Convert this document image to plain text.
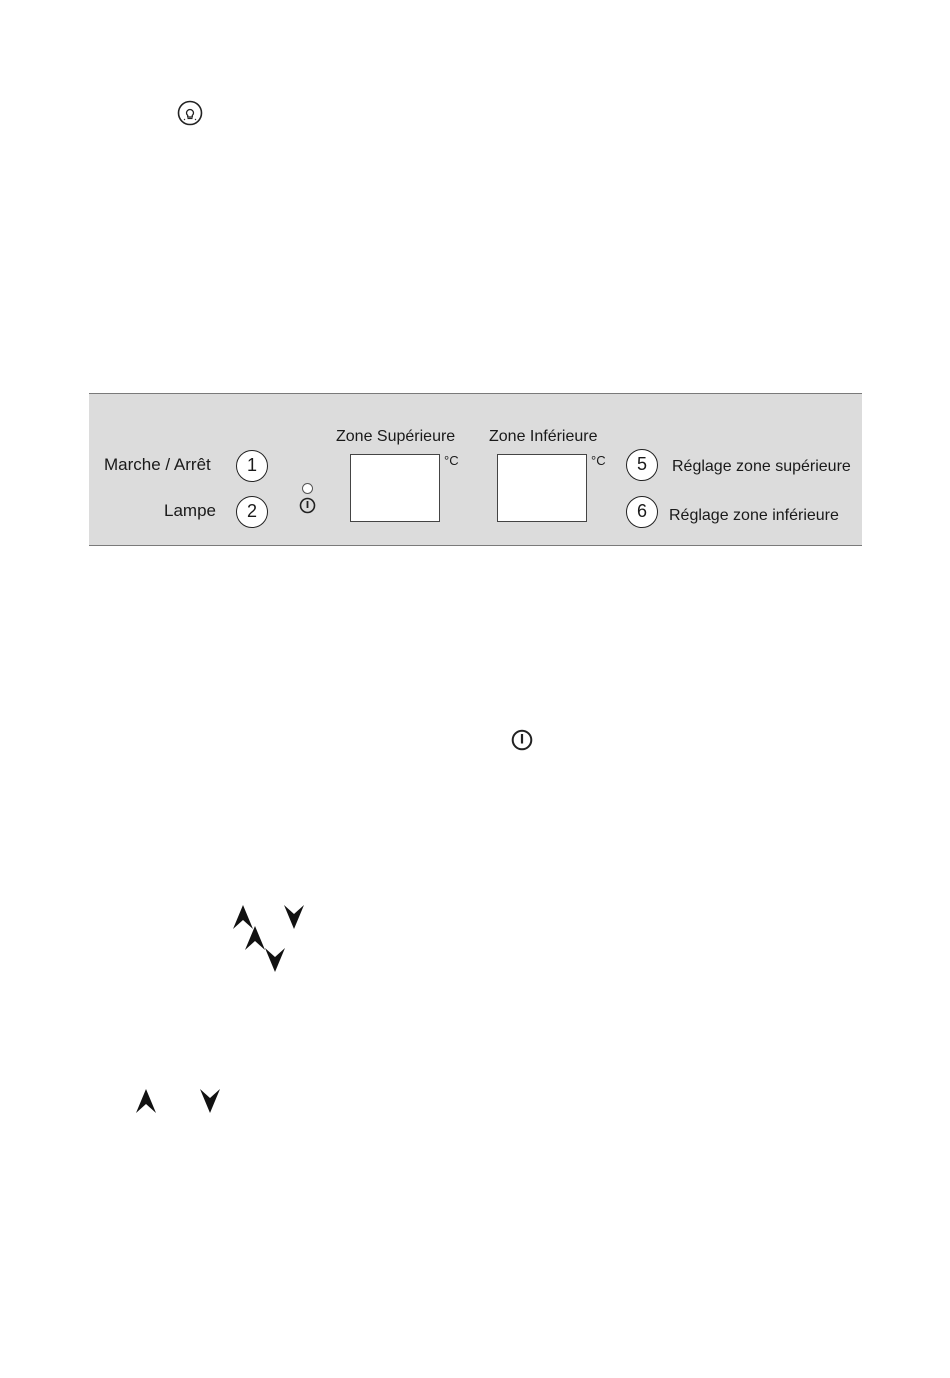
Marche / Arrêt	1
Lampe	2
Zone Supérieure
°C
Zone Inférieure
°C	5	Réglage zone supérieure
6	Réglage zone inférieure
